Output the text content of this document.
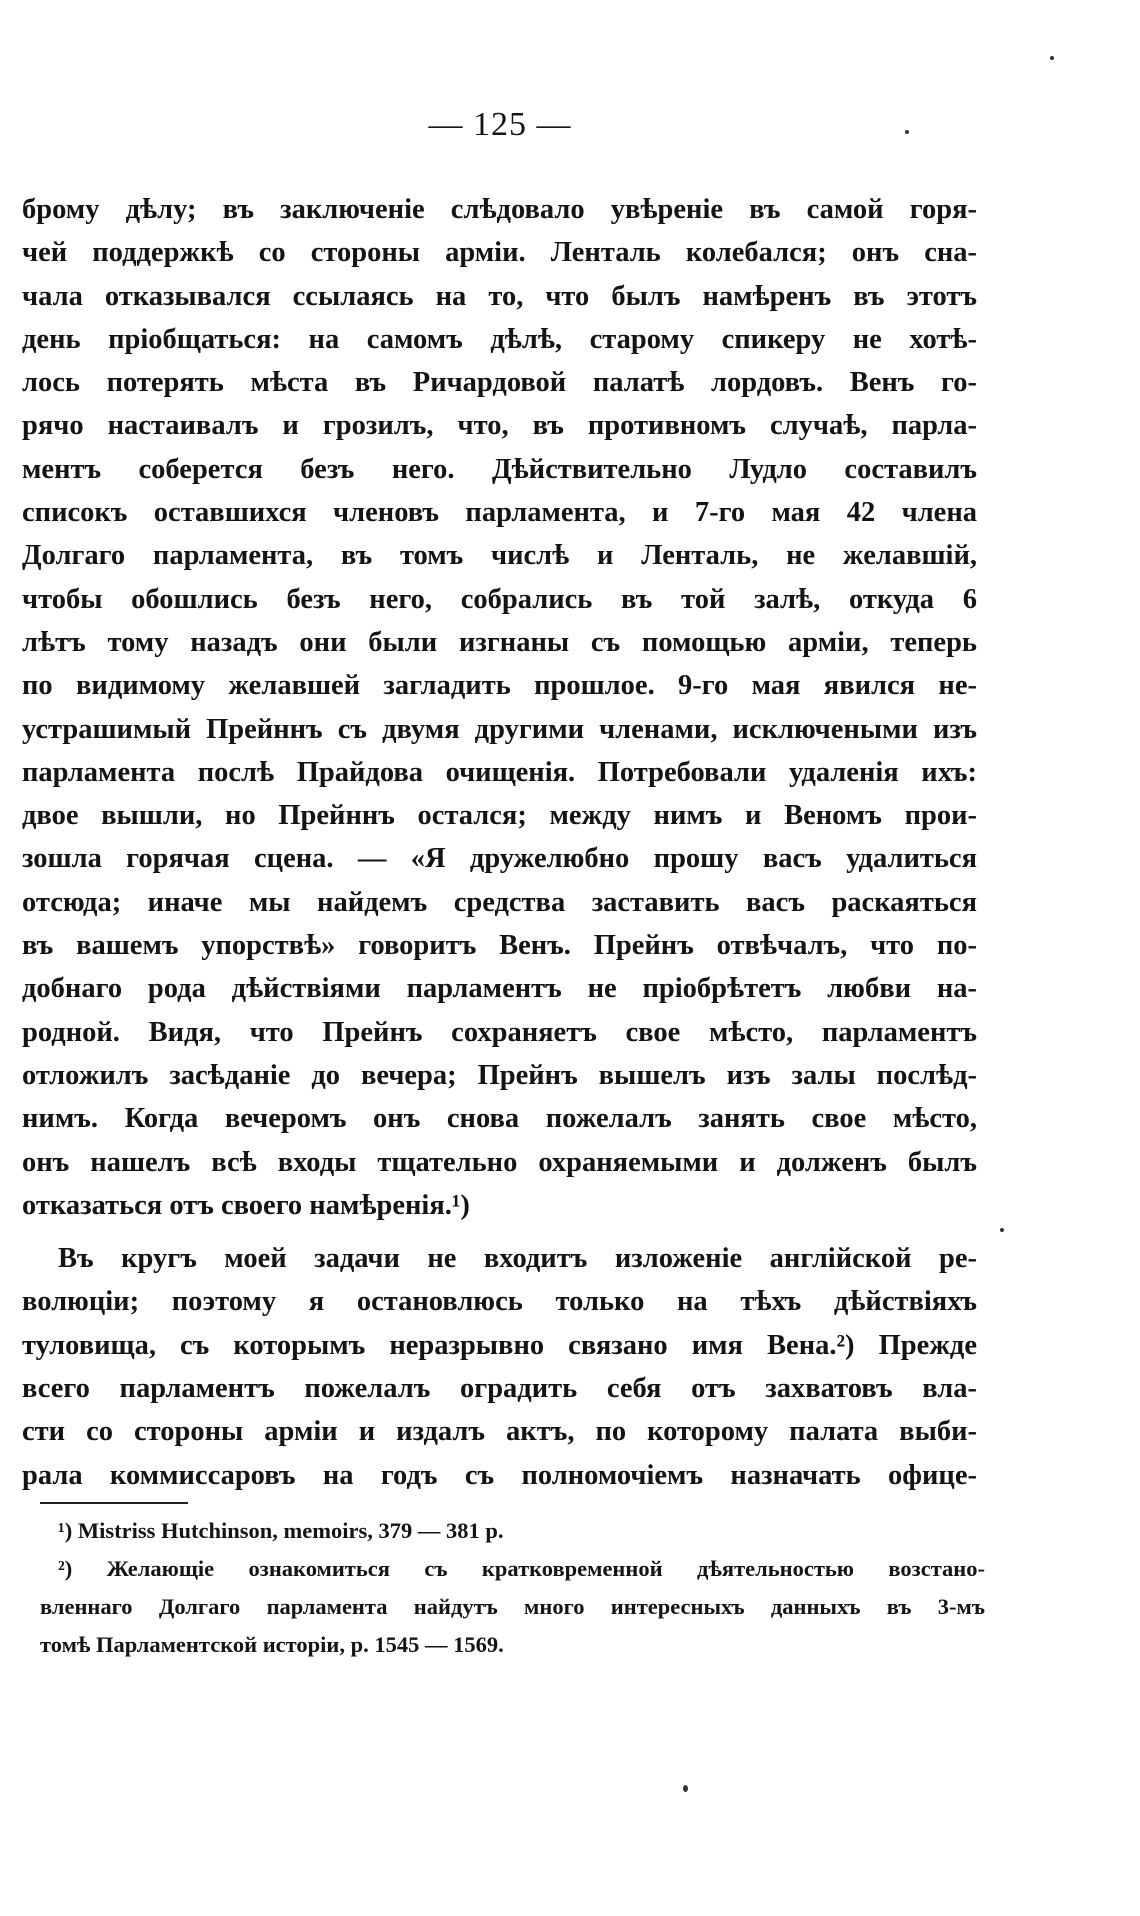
— 125 —
брому дѣлу; въ заключеніе слѣдовало увѣреніе въ самой горя-
чей поддержкѣ со стороны арміи. Ленталь колебался; онъ сна-
чала отказывался ссылаясь на то, что былъ намѣренъ въ этотъ
день пріобщаться: на самомъ дѣлѣ, старому спикеру не хотѣ-
лось потерять мѣста въ Ричардовой палатѣ лордовъ. Венъ го-
рячо настаивалъ и грозилъ, что, въ противномъ случаѣ, парла-
ментъ соберется безъ него. Дѣйствительно Лудло составилъ
списокъ оставшихся членовъ парламента, и 7-го мая 42 члена
Долгаго парламента, въ томъ числѣ и Ленталь, не желавшій,
чтобы обошлись безъ него, собрались въ той залѣ, откуда 6
лѣтъ тому назадъ они были изгнаны съ помощью арміи, теперь
по видимому желавшей загладить прошлое. 9-го мая явился не-
устрашимый Прейннъ съ двумя другими членами, исключеными изъ
парламента послѣ Прайдова очищенія. Потребовали удаленія ихъ:
двое вышли, но Прейннъ остался; между нимъ и Веномъ прои-
зошла горячая сцена. — «Я дружелюбно прошу васъ удалиться
отсюда; иначе мы найдемъ средства заставить васъ раскаяться
въ вашемъ упорствѣ» говоритъ Венъ. Прейнъ отвѣчалъ, что по-
добнаго рода дѣйствіями парламентъ не пріобрѣтетъ любви на-
родной. Видя, что Прейнъ сохраняетъ свое мѣсто, парламентъ
отложилъ засѣданіе до вечера; Прейнъ вышелъ изъ залы послѣд-
нимъ. Когда вечеромъ онъ снова пожелалъ занять свое мѣсто,
онъ нашелъ всѣ входы тщательно охраняемыми и долженъ былъ
отказаться отъ своего намѣренія.¹)
Въ кругъ моей задачи не входитъ изложеніе англійской ре-
волюціи; поэтому я остановлюсь только на тѣхъ дѣйствіяхъ
туловища, съ которымъ неразрывно связано имя Вена.²) Прежде
всего парламентъ пожелалъ оградить себя отъ захватовъ вла-
сти со стороны арміи и издалъ актъ, по которому палата выби-
рала коммиссаровъ на годъ съ полномочіемъ назначать офице-
¹) Mistriss Hutchinson, memoirs, 379 — 381 р.
²) Желающіе ознакомиться съ кратковременной дѣятельностью возстано-
вленнаго Долгаго парламента найдутъ много интересныхъ данныхъ въ 3-мъ
томѣ Парламентской исторіи, р. 1545 — 1569.
